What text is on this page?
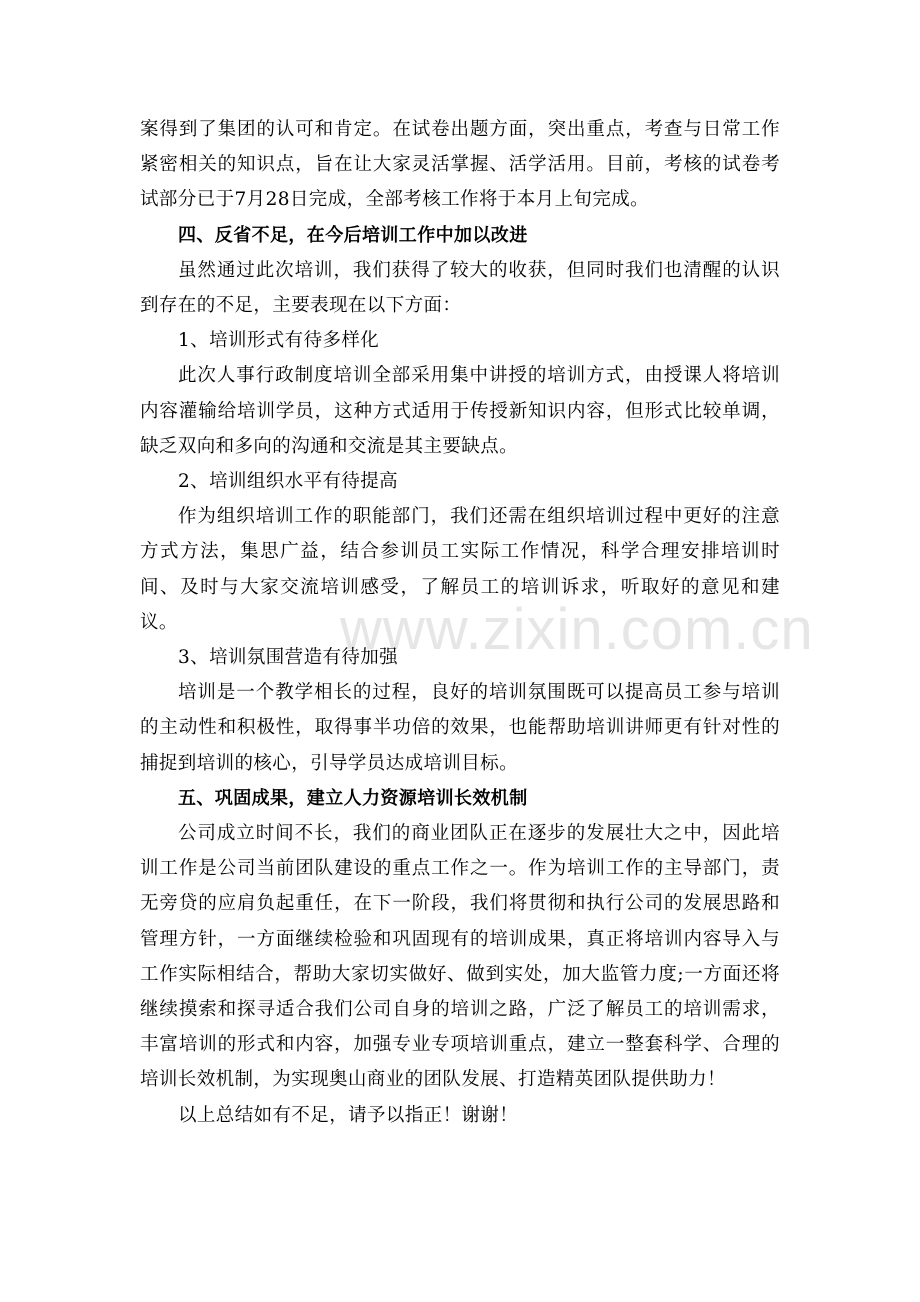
www.zixin.com.cn

案得到了集团的认可和肯定。在试卷出题方面，突出重点，考查与日常工作紧密相关的知识点，旨在让大家灵活掌握、活学活用。目前，考核的试卷考试部分已于7月28日完成，全部考核工作将于本月上旬完成。

四、反省不足，在今后培训工作中加以改进

虽然通过此次培训，我们获得了较大的收获，但同时我们也清醒的认识到存在的不足，主要表现在以下方面：

1、培训形式有待多样化

此次人事行政制度培训全部采用集中讲授的培训方式，由授课人将培训内容灌输给培训学员，这种方式适用于传授新知识内容，但形式比较单调，缺乏双向和多向的沟通和交流是其主要缺点。

2、培训组织水平有待提高

作为组织培训工作的职能部门，我们还需在组织培训过程中更好的注意方式方法，集思广益，结合参训员工实际工作情况，科学合理安排培训时间、及时与大家交流培训感受，了解员工的培训诉求，听取好的意见和建议。

3、培训氛围营造有待加强

培训是一个教学相长的过程，良好的培训氛围既可以提高员工参与培训的主动性和积极性，取得事半功倍的效果，也能帮助培训讲师更有针对性的捕捉到培训的核心，引导学员达成培训目标。

五、巩固成果，建立人力资源培训长效机制

公司成立时间不长，我们的商业团队正在逐步的发展壮大之中，因此培训工作是公司当前团队建设的重点工作之一。作为培训工作的主导部门，责无旁贷的应肩负起重任，在下一阶段，我们将贯彻和执行公司的发展思路和管理方针，一方面继续检验和巩固现有的培训成果，真正将培训内容导入与工作实际相结合，帮助大家切实做好、做到实处，加大监管力度;一方面还将继续摸索和探寻适合我们公司自身的培训之路，广泛了解员工的培训需求，丰富培训的形式和内容，加强专业专项培训重点，建立一整套科学、合理的培训长效机制，为实现奥山商业的团队发展、打造精英团队提供助力！

以上总结如有不足，请予以指正！谢谢！
